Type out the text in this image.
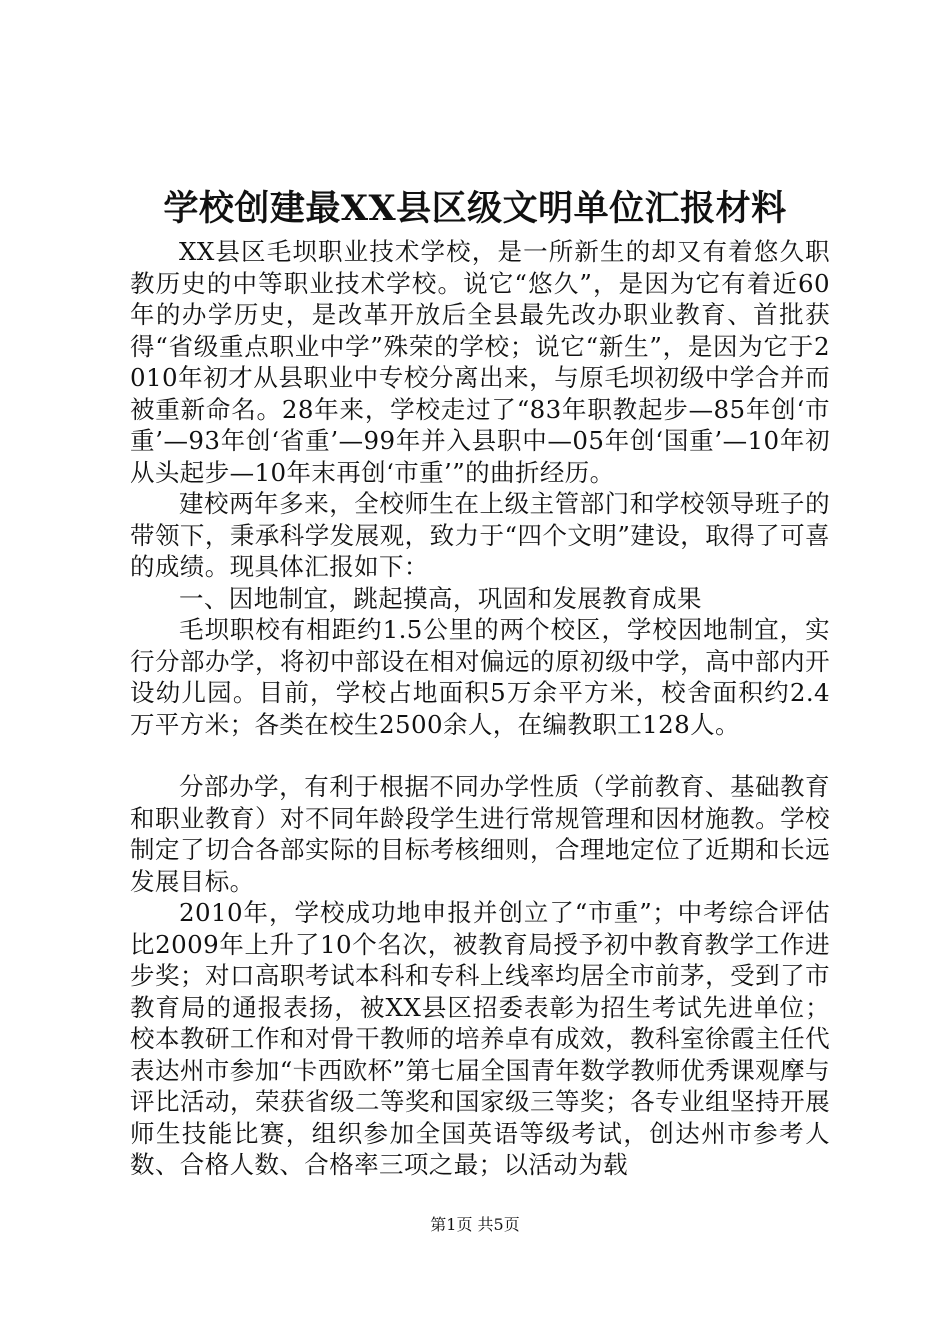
学校创建最XX县区级文明单位汇报材料

XX县区毛坝职业技术学校，是一所新生的却又有着悠久职教历史的中等职业技术学校。说它“悠久”，是因为它有着近60年的办学历史，是改革开放后全县最先改办职业教育、首批获得“省级重点职业中学”殊荣的学校；说它“新生”，是因为它于2010年初才从县职业中专校分离出来，与原毛坝初级中学合并而被重新命名。28年来，学校走过了“83年职教起步—85年创‘市重’—93年创‘省重’—99年并入县职中—05年创‘国重’—10年初从头起步—10年末再创‘市重’”的曲折经历。

建校两年多来，全校师生在上级主管部门和学校领导班子的带领下，秉承科学发展观，致力于“四个文明”建设，取得了可喜的成绩。现具体汇报如下：

一、因地制宜，跳起摸高，巩固和发展教育成果

毛坝职校有相距约1.5公里的两个校区，学校因地制宜，实行分部办学，将初中部设在相对偏远的原初级中学，高中部内开设幼儿园。目前，学校占地面积5万余平方米，校舍面积约2.4万平方米；各类在校生2500余人，在编教职工128人。

分部办学，有利于根据不同办学性质（学前教育、基础教育和职业教育）对不同年龄段学生进行常规管理和因材施教。学校制定了切合各部实际的目标考核细则，合理地定位了近期和长远发展目标。

2010年，学校成功地申报并创立了“市重”；中考综合评估比2009年上升了10个名次，被教育局授予初中教育教学工作进步奖；对口高职考试本科和专科上线率均居全市前茅，受到了市教育局的通报表扬，被XX县区招委表彰为招生考试先进单位；校本教研工作和对骨干教师的培养卓有成效，教科室徐霞主任代表达州市参加“卡西欧杯”第七届全国青年数学教师优秀课观摩与评比活动，荣获省级二等奖和国家级三等奖；各专业组坚持开展师生技能比赛，组织参加全国英语等级考试，创达州市参考人数、合格人数、合格率三项之最；以活动为载

第1页 共5页
